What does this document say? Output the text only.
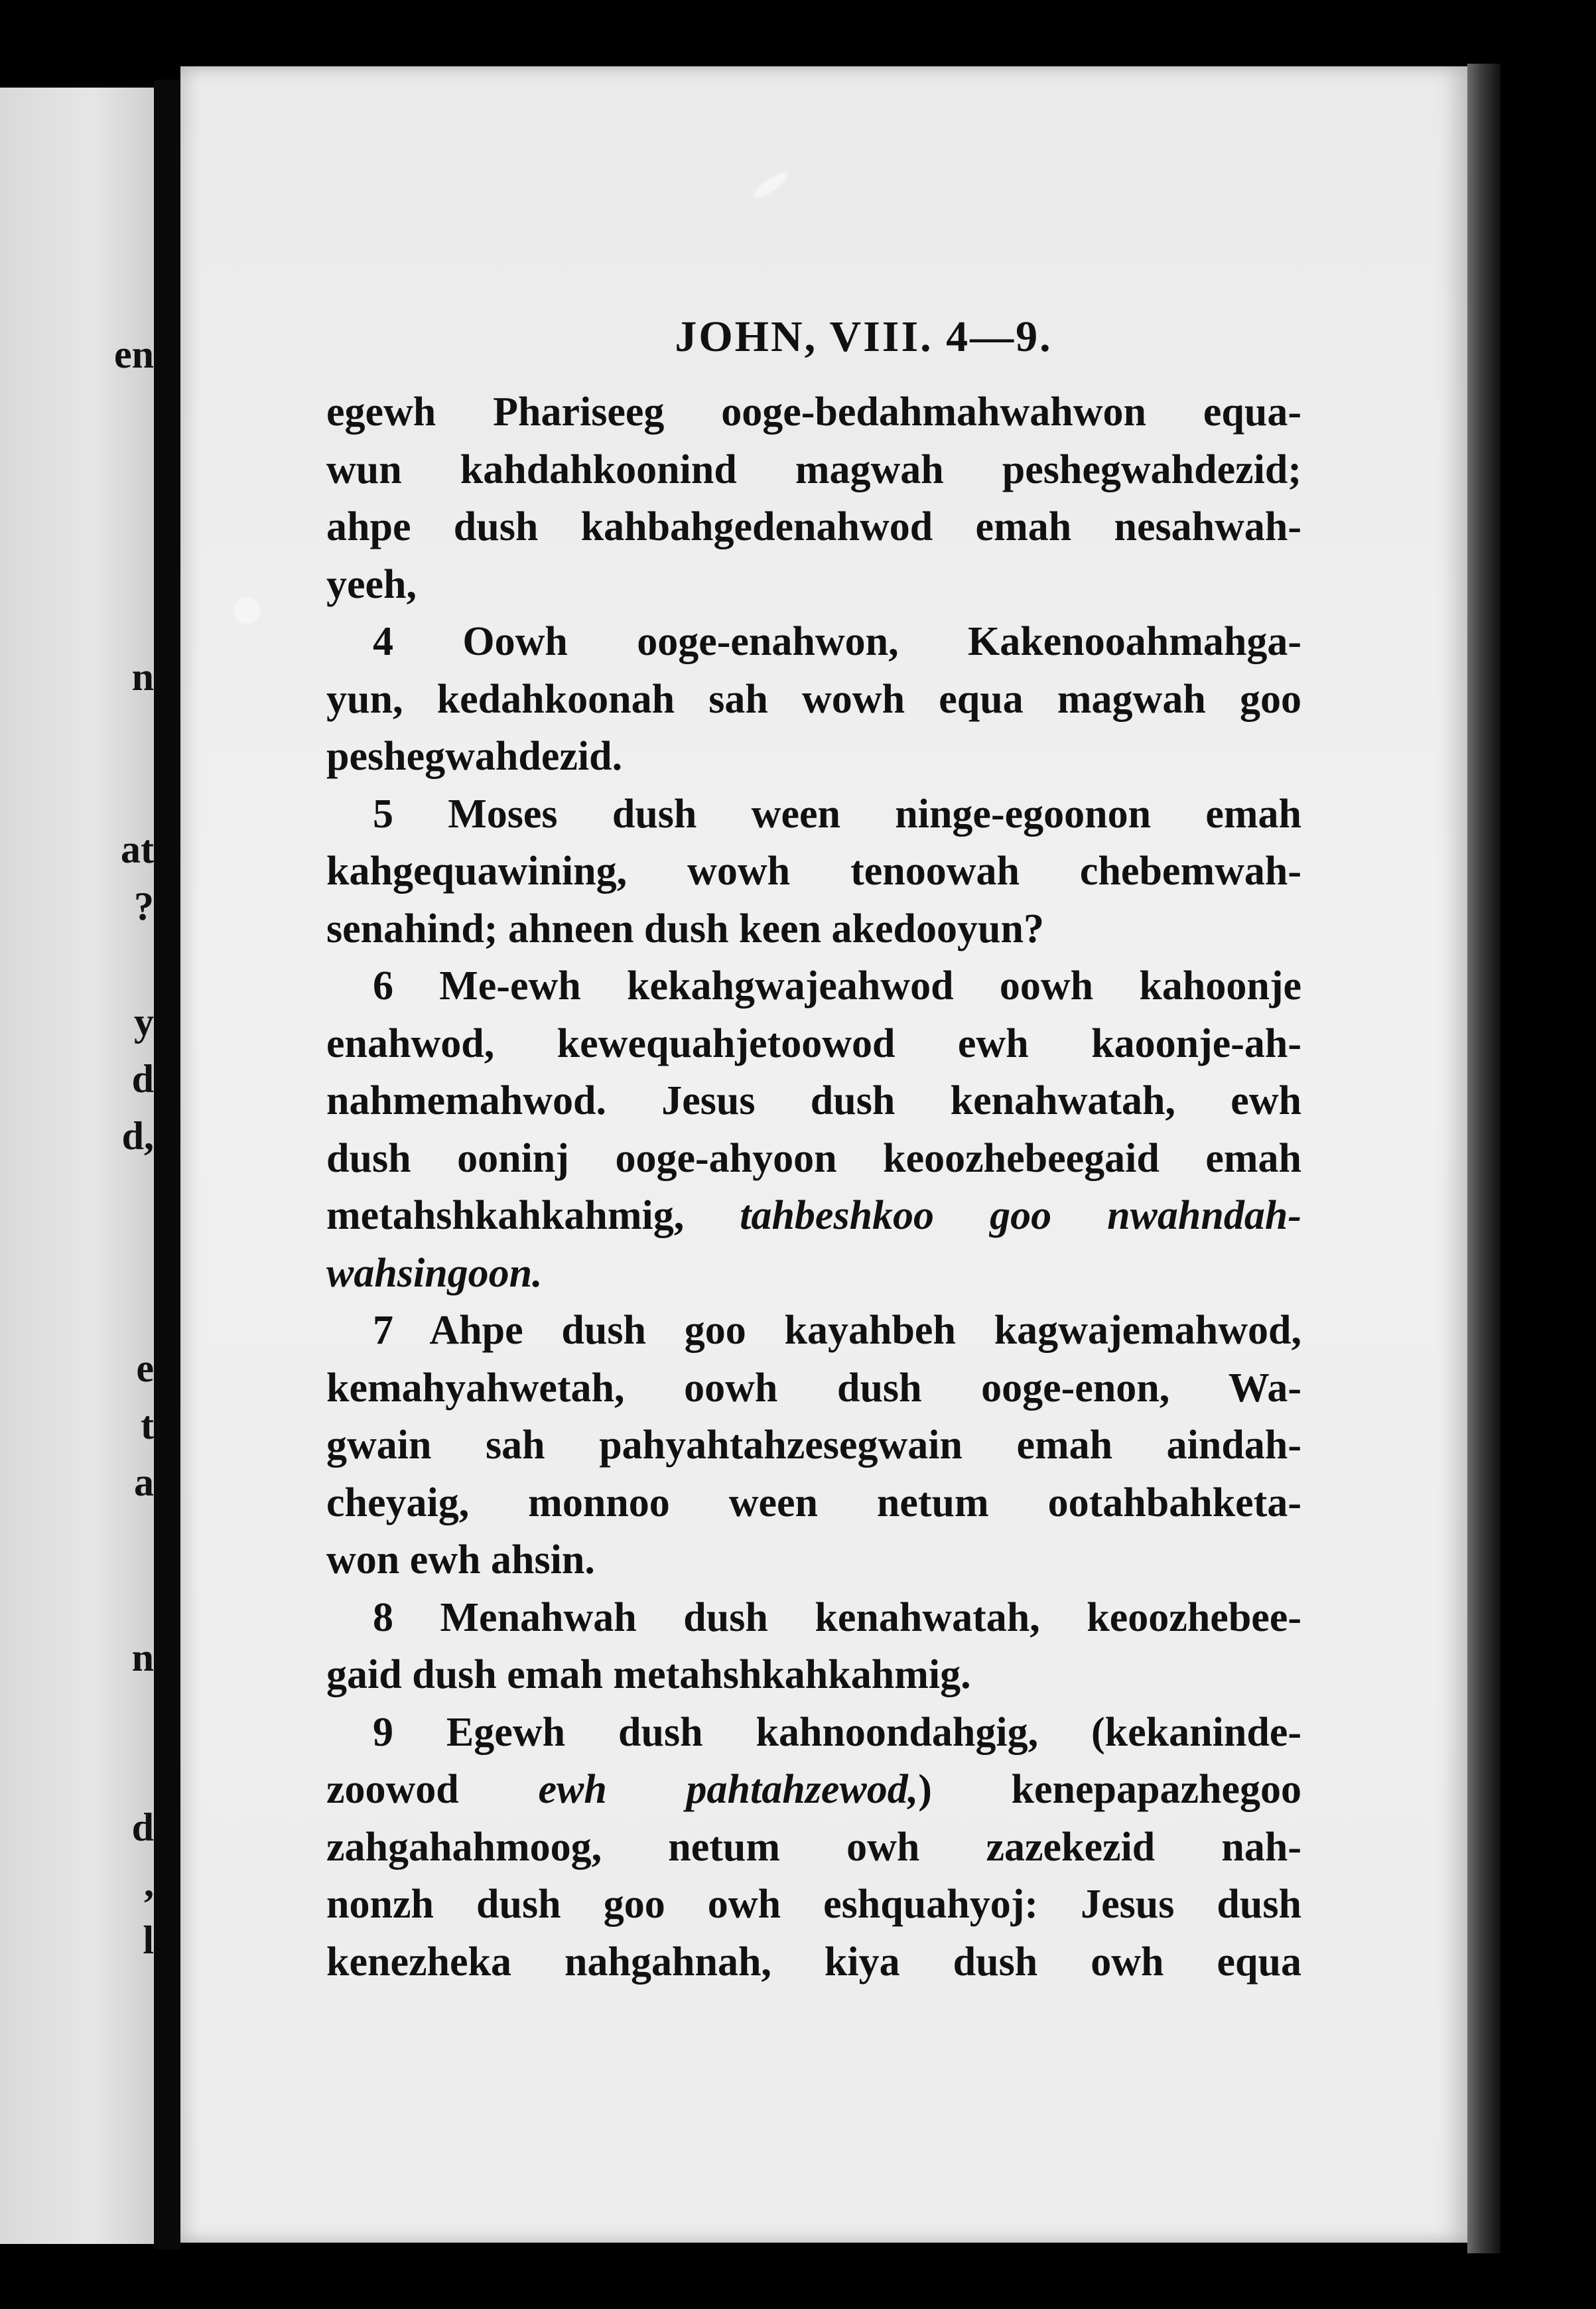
en
n
at
?
y
d
d,
e
t
a
n
d
,
l
JOHN, VIII. 4—9.
egewh Phariseeg ooge-bedahmahwahwon equa-
wun kahdahkoonind magwah peshegwahdezid;
ahpe dush kahbahgedenahwod emah nesahwah-
yeeh,
4 Oowh ooge-enahwon, Kakenooahmahga-
yun, kedahkoonah sah wowh equa magwah goo
peshegwahdezid.
5 Moses dush ween ninge-egoonon emah
kahgequawining, wowh tenoowah chebemwah-
senahind; ahneen dush keen akedooyun?
6 Me-ewh kekahgwajeahwod oowh kahoonje
enahwod, kewequahjetoowod ewh kaoonje-ah-
nahmemahwod. Jesus dush kenahwatah, ewh
dush ooninj ooge-ahyoon keoozhebeegaid emah
metahshkahkahmig, tahbeshkoo goo nwahndah-
wahsingoon.
7 Ahpe dush goo kayahbeh kagwajemahwod,
kemahyahwetah, oowh dush ooge-enon, Wa-
gwain sah pahyahtahzesegwain emah aindah-
cheyaig, monnoo ween netum ootahbahketa-
won ewh ahsin.
8 Menahwah dush kenahwatah, keoozhebee-
gaid dush emah metahshkahkahmig.
9 Egewh dush kahnoondahgig, (kekaninde-
zoowod ewh pahtahzewod,) kenepapazhegoo
zahgahahmoog, netum owh zazekezid nah-
nonzh dush goo owh eshquahyoj: Jesus dush
kenezheka nahgahnah, kiya dush owh equa
